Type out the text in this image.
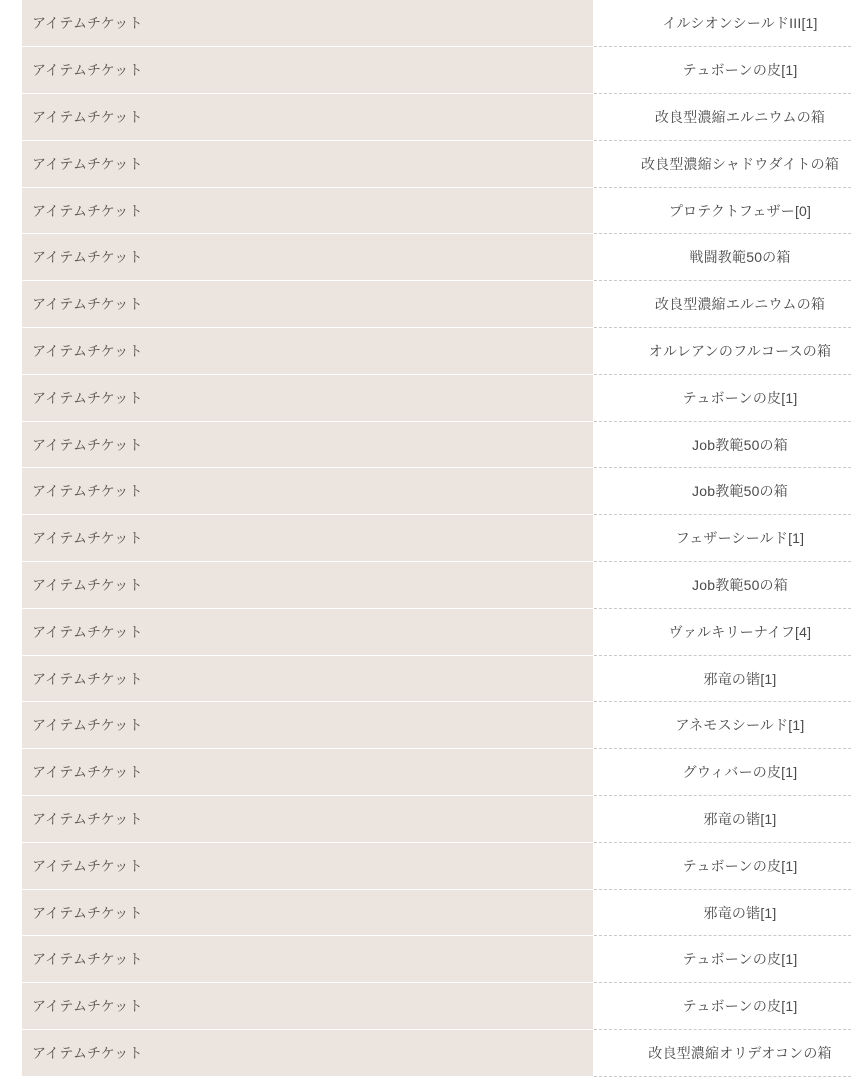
アイテムチケット	イルシオンシールドIII[1]
アイテムチケット	テュボーンの皮[1]
アイテムチケット	改良型濃縮エルニウムの箱
アイテムチケット	改良型濃縮シャドウダイトの箱
アイテムチケット	プロテクトフェザー[0]
アイテムチケット	戦闘教範50の箱
アイテムチケット	改良型濃縮エルニウムの箱
アイテムチケット	オルレアンのフルコースの箱
アイテムチケット	テュボーンの皮[1]
アイテムチケット	Job教範50の箱
アイテムチケット	Job教範50の箱
アイテムチケット	フェザーシールド[1]
アイテムチケット	Job教範50の箱
アイテムチケット	ヴァルキリーナイフ[4]
アイテムチケット	邪竜の锴[1]
アイテムチケット	アネモスシールド[1]
アイテムチケット	グウィバーの皮[1]
アイテムチケット	邪竜の锴[1]
アイテムチケット	テュボーンの皮[1]
アイテムチケット	邪竜の锴[1]
アイテムチケット	テュボーンの皮[1]
アイテムチケット	テュボーンの皮[1]
アイテムチケット	改良型濃縮オリデオコンの箱
